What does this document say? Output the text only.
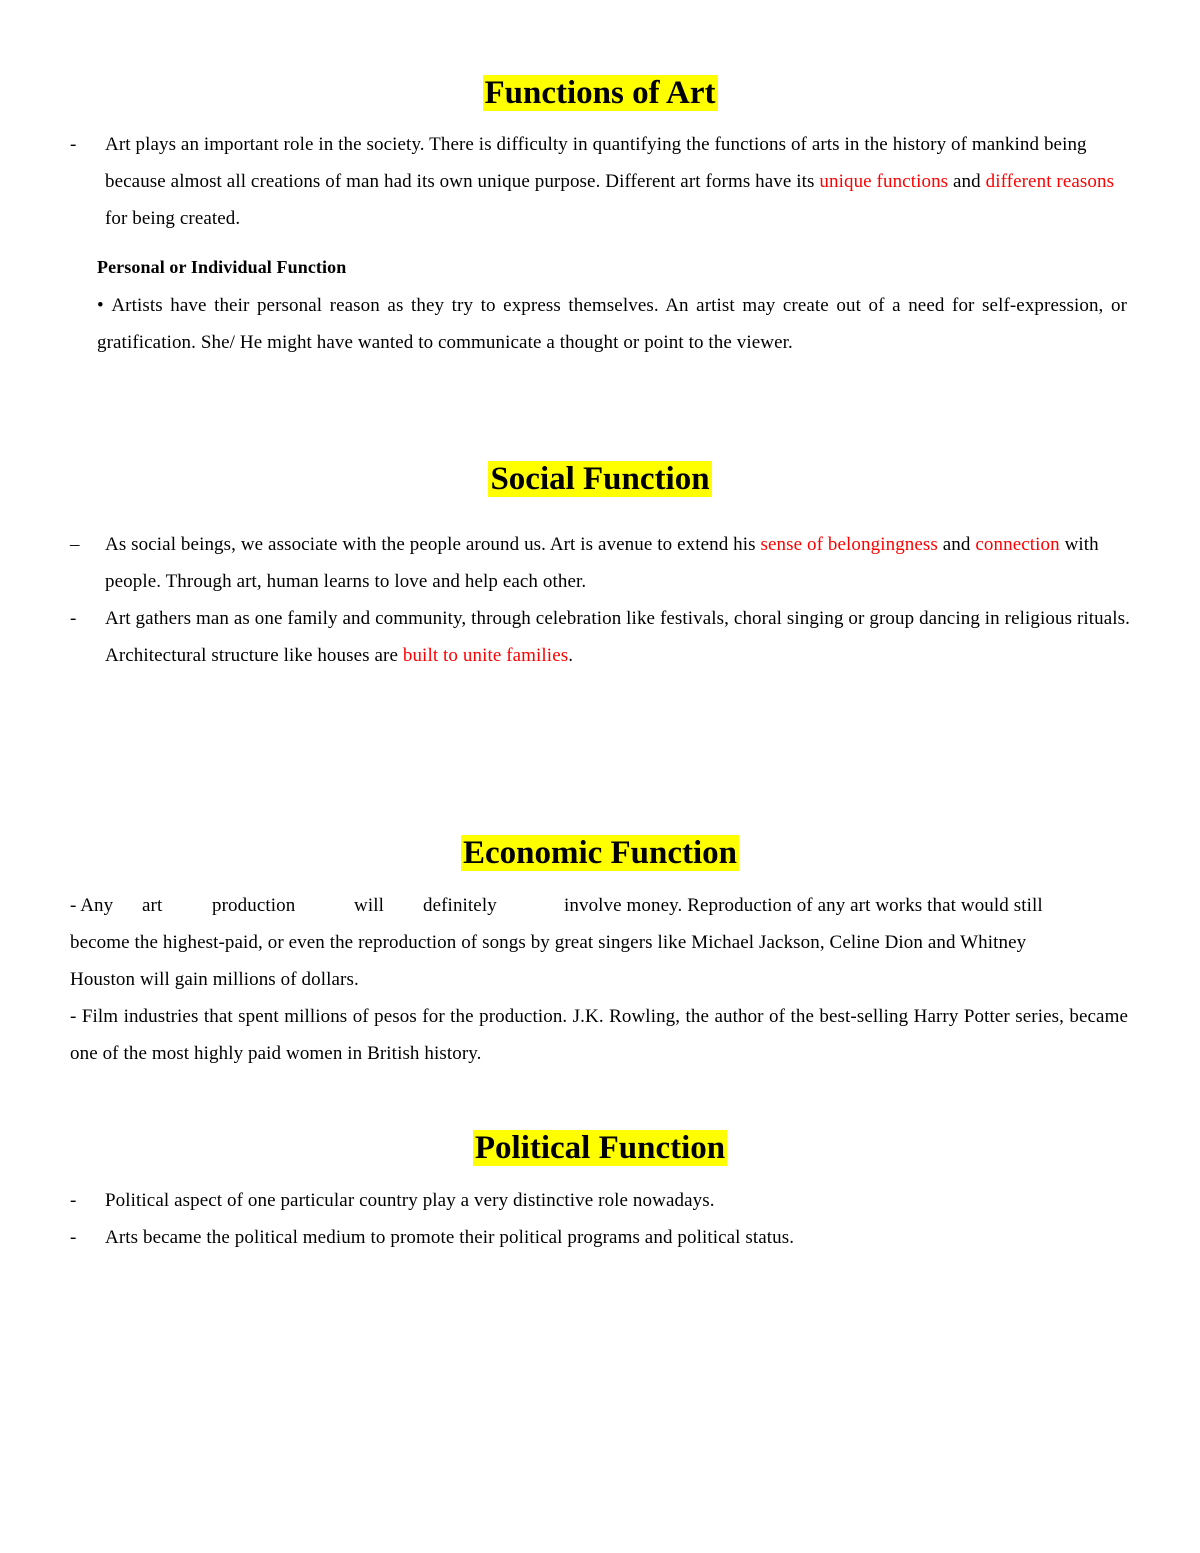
Functions of Art
-	Art plays an important role in the society. There is difficulty in quantifying the functions of arts in the history of mankind being because almost all creations of man had its own unique purpose. Different art forms have its unique functions and different reasons for being created.

Personal or Individual Function

• Artists have their personal reason as they try to express themselves. An artist may create out of a need for self-expression, or gratification. She/ He might have wanted to communicate a thought or point to the viewer.

Social Function
–	As social beings, we associate with the people around us. Art is avenue to extend his sense of belongingness and connection with people. Through art, human learns to love and help each other.

-	Art gathers man as one family and community, through celebration like festivals, choral singing or group dancing in religious rituals. Architectural structure like houses are built to unite families.

Economic Function
- Any art	production	will definitely	involve money. Reproduction of any art works that would still

become the highest-paid, or even the reproduction of songs by great singers like Michael Jackson, Celine Dion and Whitney Houston will gain millions of dollars.

- Film industries that spent millions of pesos for the production. J.K. Rowling, the author of the best-selling Harry Potter series, became one of the most highly paid women in British history.

Political Function
-	Political aspect of one particular country play a very distinctive role nowadays.

-	Arts became the political medium to promote their political programs and political status.
